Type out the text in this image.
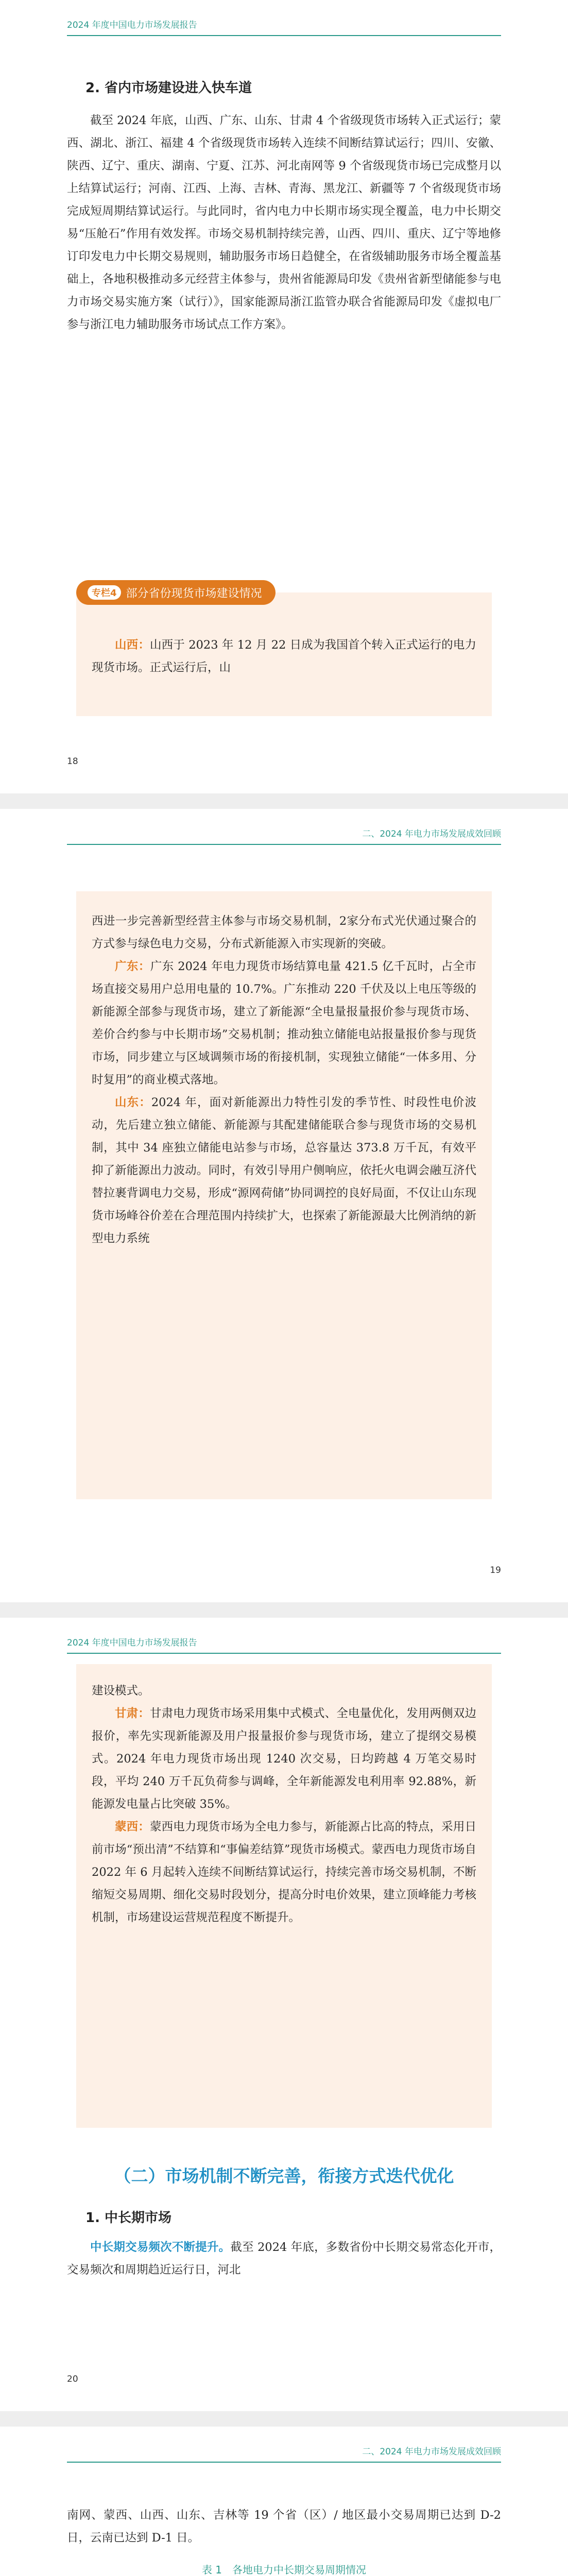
2024 年度中国电力市场发展报告
2. 省内市场建设进入快车道

截至 2024 年底，山西、广东、山东、甘肃 4 个省级现货市场转入正式运行；蒙西、湖北、浙江、福建 4 个省级现货市场转入连续不间断结算试运行；四川、安徽、陕西、辽宁、重庆、湖南、宁夏、江苏、河北南网等 9 个省级现货市场已完成整月以上结算试运行；河南、江西、上海、吉林、青海、黑龙江、新疆等 7 个省级现货市场完成短周期结算试运行。与此同时，省内电力中长期市场实现全覆盖，电力中长期交易“压舱石”作用有效发挥。市场交易机制持续完善，山西、四川、重庆、辽宁等地修订印发电力中长期交易规则，辅助服务市场日趋健全，在省级辅助服务市场全覆盖基础上，各地积极推动多元经营主体参与，贵州省能源局印发《贵州省新型储能参与电力市场交易实施方案（试行）》，国家能源局浙江监管办联合省能源局印发《虚拟电厂参与浙江电力辅助服务市场试点工作方案》。

专栏4 部分省份现货市场建设情况

山西：山西于 2023 年 12 月 22 日成为我国首个转入正式运行的电力现货市场。正式运行后，山

18
二、2024 年电力市场发展成效回顾

西进一步完善新型经营主体参与市场交易机制，2家分布式光伏通过聚合的方式参与绿色电力交易，分布式新能源入市实现新的突破。

广东：广东 2024 年电力现货市场结算电量 421.5 亿千瓦时，占全市场直接交易用户总用电量的 10.7%。广东推动 220 千伏及以上电压等级的新能源全部参与现货市场，建立了新能源“全电量报量报价参与现货市场、差价合约参与中长期市场”交易机制；推动独立储能电站报量报价参与现货市场，同步建立与区域调频市场的衔接机制，实现独立储能“一体多用、分时复用”的商业模式落地。

山东：2024 年，面对新能源出力特性引发的季节性、时段性电价波动，先后建立独立储能、新能源与其配建储能联合参与现货市场的交易机制，其中 34 座独立储能电站参与市场，总容量达 373.8 万千瓦，有效平抑了新能源出力波动。同时，有效引导用户侧响应，依托火电调会融互济代替拉裹背调电力交易，形成“源网荷储”协同调控的良好局面，不仅让山东现货市场峰谷价差在合理范围内持续扩大，也探索了新能源最大比例消纳的新型电力系统

19
2024 年度中国电力市场发展报告

建设模式。

甘肃：甘肃电力现货市场采用集中式模式、全电量优化，发用两侧双边报价，率先实现新能源及用户报量报价参与现货市场，建立了提纲交易模式。2024 年电力现货市场出现 1240 次交易，日均跨越 4 万笔交易时段，平均 240 万千瓦负荷参与调峰，全年新能源发电利用率 92.88%，新能源发电量占比突破 35%。

蒙西：蒙西电力现货市场为全电力参与，新能源占比高的特点，采用日前市场“预出清”不结算和“事偏差结算”现货市场模式。蒙西电力现货市场自 2022 年 6 月起转入连续不间断结算试运行，持续完善市场交易机制，不断缩短交易周期、细化交易时段划分，提高分时电价效果，建立顶峰能力考核机制，市场建设运营规范程度不断提升。

（二）市场机制不断完善，衔接方式迭代优化
1. 中长期市场

中长期交易频次不断提升。截至 2024 年底，多数省份中长期交易常态化开市，交易频次和周期趋近运行日，河北

20
二、2024 年电力市场发展成效回顾

南网、蒙西、山西、山东、吉林等 19 个省（区）/ 地区最小交易周期已达到 D-2 日，云南已达到 D-1 日。

表 1　各地电力中长期交易周期情况
